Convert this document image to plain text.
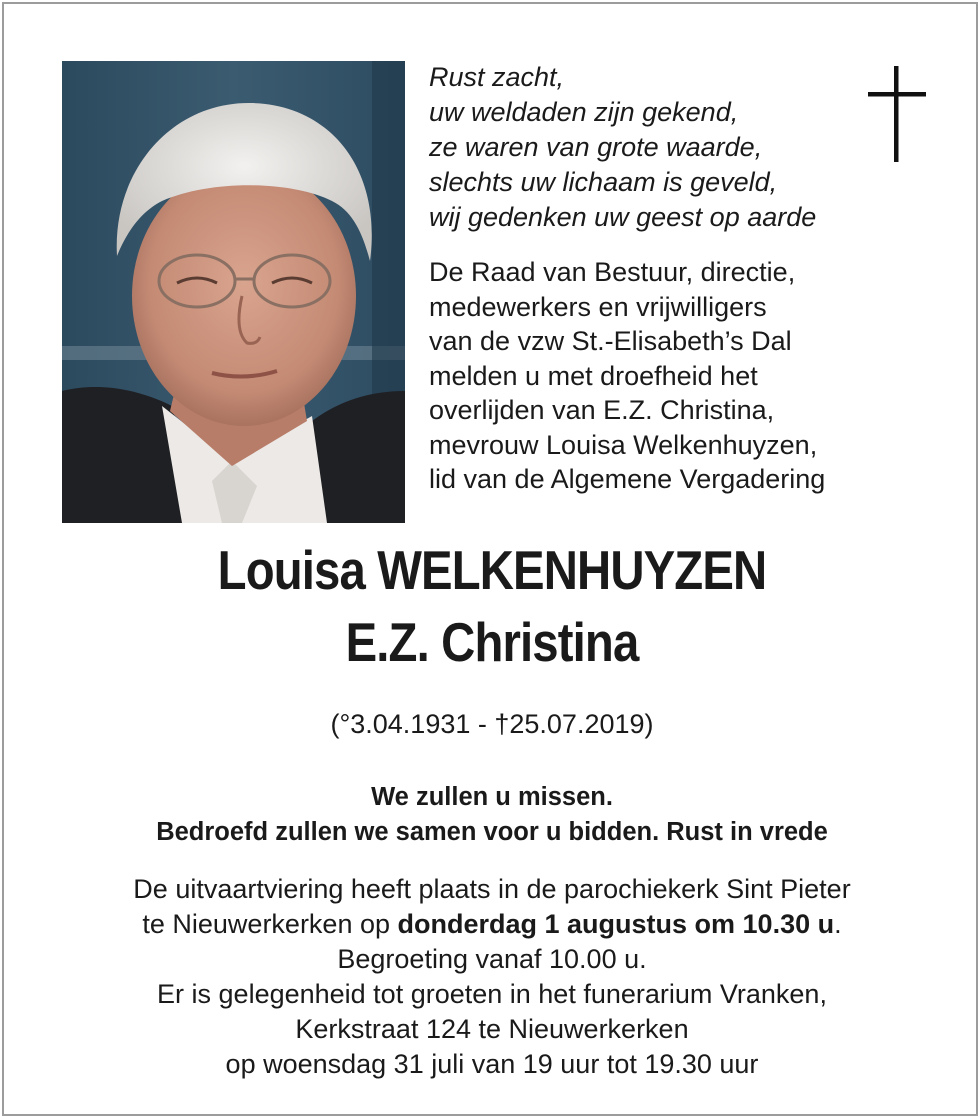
Rust zacht,
uw weldaden zijn gekend,
ze waren van grote waarde,
slechts uw lichaam is geveld,
wij gedenken uw geest op aarde
De Raad van Bestuur, directie,
medewerkers en vrijwilligers
van de vzw St.-Elisabeth’s Dal
melden u met droefheid het
overlijden van E.Z. Christina,
mevrouw Louisa Welkenhuyzen,
lid van de Algemene Vergadering
Louisa WELKENHUYZEN
E.Z. Christina
(°3.04.1931 - †25.07.2019)
We zullen u missen.
Bedroefd zullen we samen voor u bidden. Rust in vrede
De uitvaartviering heeft plaats in de parochiekerk Sint Pieter
te Nieuwerkerken op donderdag 1 augustus om 10.30 u.
Begroeting vanaf 10.00 u.
Er is gelegenheid tot groeten in het funerarium Vranken,
Kerkstraat 124 te Nieuwerkerken
op woensdag 31 juli van 19 uur tot 19.30 uur
